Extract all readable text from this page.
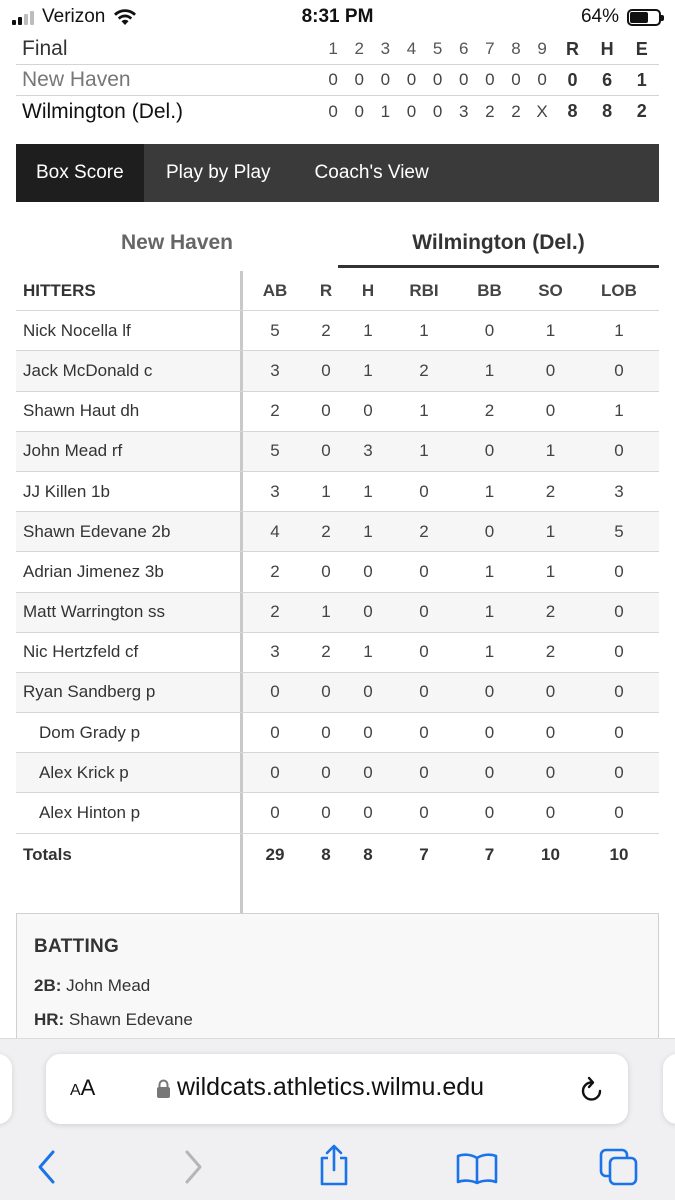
Verizon	8:31 PM	64%
Final	1 2 3 4 5 6 7 8 9	R	H	E
New Haven	0 0 0 0 0 0 0 0 0	0	6	1
Wilmington (Del.)	0 0 1 0 0 3 2 2 X	8	8	2
Box Score	Play by Play	Coach's View
New Haven	Wilmington (Del.)
HITTERS	AB	R	H	RBI	BB	SO	LOB
Nick Nocella lf	5	2	1	1	0	1	1
Jack McDonald c	3	0	1	2	1	0	0
Shawn Haut dh	2	0	0	1	2	0	1
John Mead rf	5	0	3	1	0	1	0
JJ Killen 1b	3	1	1	0	1	2	3
Shawn Edevane 2b	4	2	1	2	0	1	5
Adrian Jimenez 3b	2	0	0	0	1	1	0
Matt Warrington ss	2	1	0	0	1	2	0
Nic Hertzfeld cf	3	2	1	0	1	2	0
Ryan Sandberg p	0	0	0	0	0	0	0
Dom Grady p	0	0	0	0	0	0	0
Alex Krick p	0	0	0	0	0	0	0
Alex Hinton p	0	0	0	0	0	0	0
Totals	29	8	8	7	7	10	10
BATTING
2B: John Mead
HR: Shawn Edevane
AA	wildcats.athletics.wilmu.edu
